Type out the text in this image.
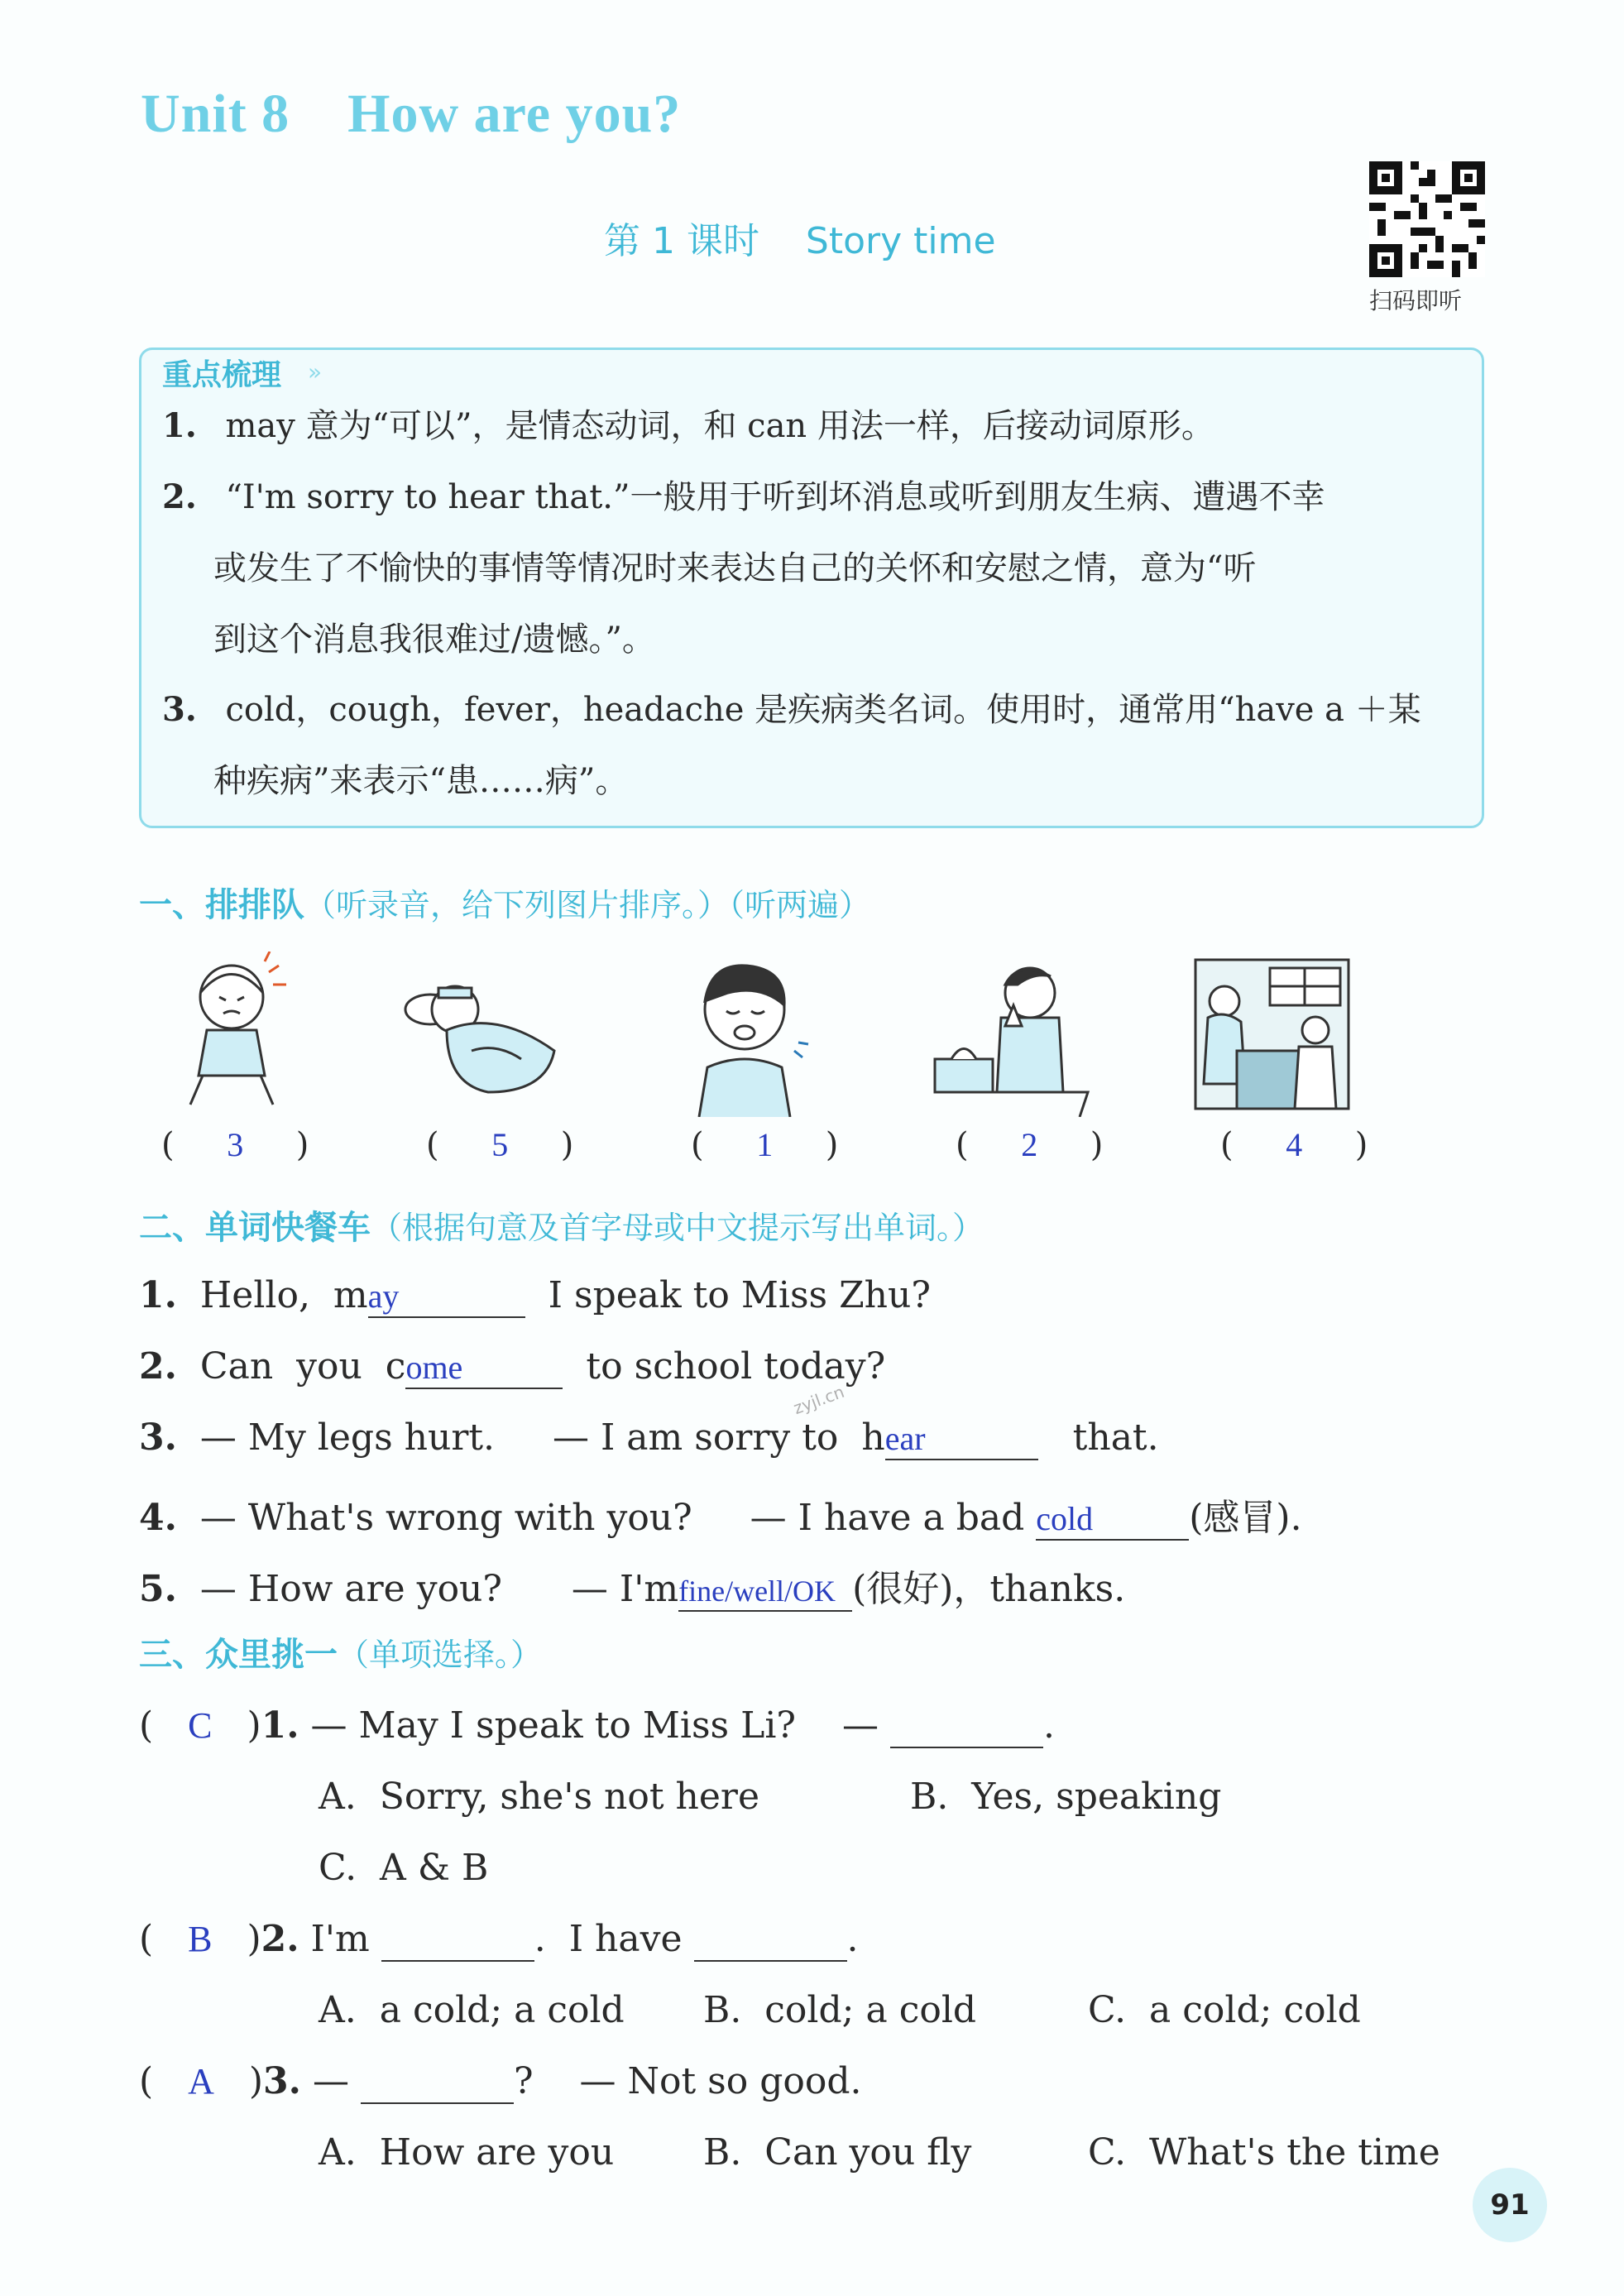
Unit 8    How are you?
第 1 课时    Story time
扫码即听
重点梳理 »
1. may 意为“可以”，是情态动词，和 can 用法一样，后接动词原形。
2. “I'm sorry to hear that.”一般用于听到坏消息或听到朋友生病、遭遇不幸
或发生了不愉快的事情等情况时来表达自己的关怀和安慰之情，意为“听
到这个消息我很难过/遗憾。”。
3. cold，cough，fever，headache 是疾病类名词。使用时，通常用“have a ＋某
种疾病”来表示“患……病”。
一、排排队（听录音，给下列图片排序。）（听两遍）
(     3     )	(     5     )	(     1     )	(     2     )	(     4     )
二、单词快餐车（根据句意及首字母或中文提示写出单词。）
1. Hello,  may	I speak to Miss Zhu?
2. Can  you  come	to school today?
3. — My legs hurt.     — I am sorry to  hear	that.
4. — What's wrong with you?     — I have a bad cold	(感冒).
5. — How are you?      — I'mfine/well/OK (很好)，thanks.
zyjl.cn
三、众里挑一（单项选择。）
(   C   )1. — May I speak to Miss Li?    —	.
A.  Sorry, she's not here	B.  Yes, speaking
C.  A & B
(   B   )2. I'm	.  I have	.
A.  a cold; a cold B.  cold; a cold	C.  a cold; cold
(   A   )3. —	?    — Not so good.
A.  How are you B.  Can you fly	C.  What's the time
91
